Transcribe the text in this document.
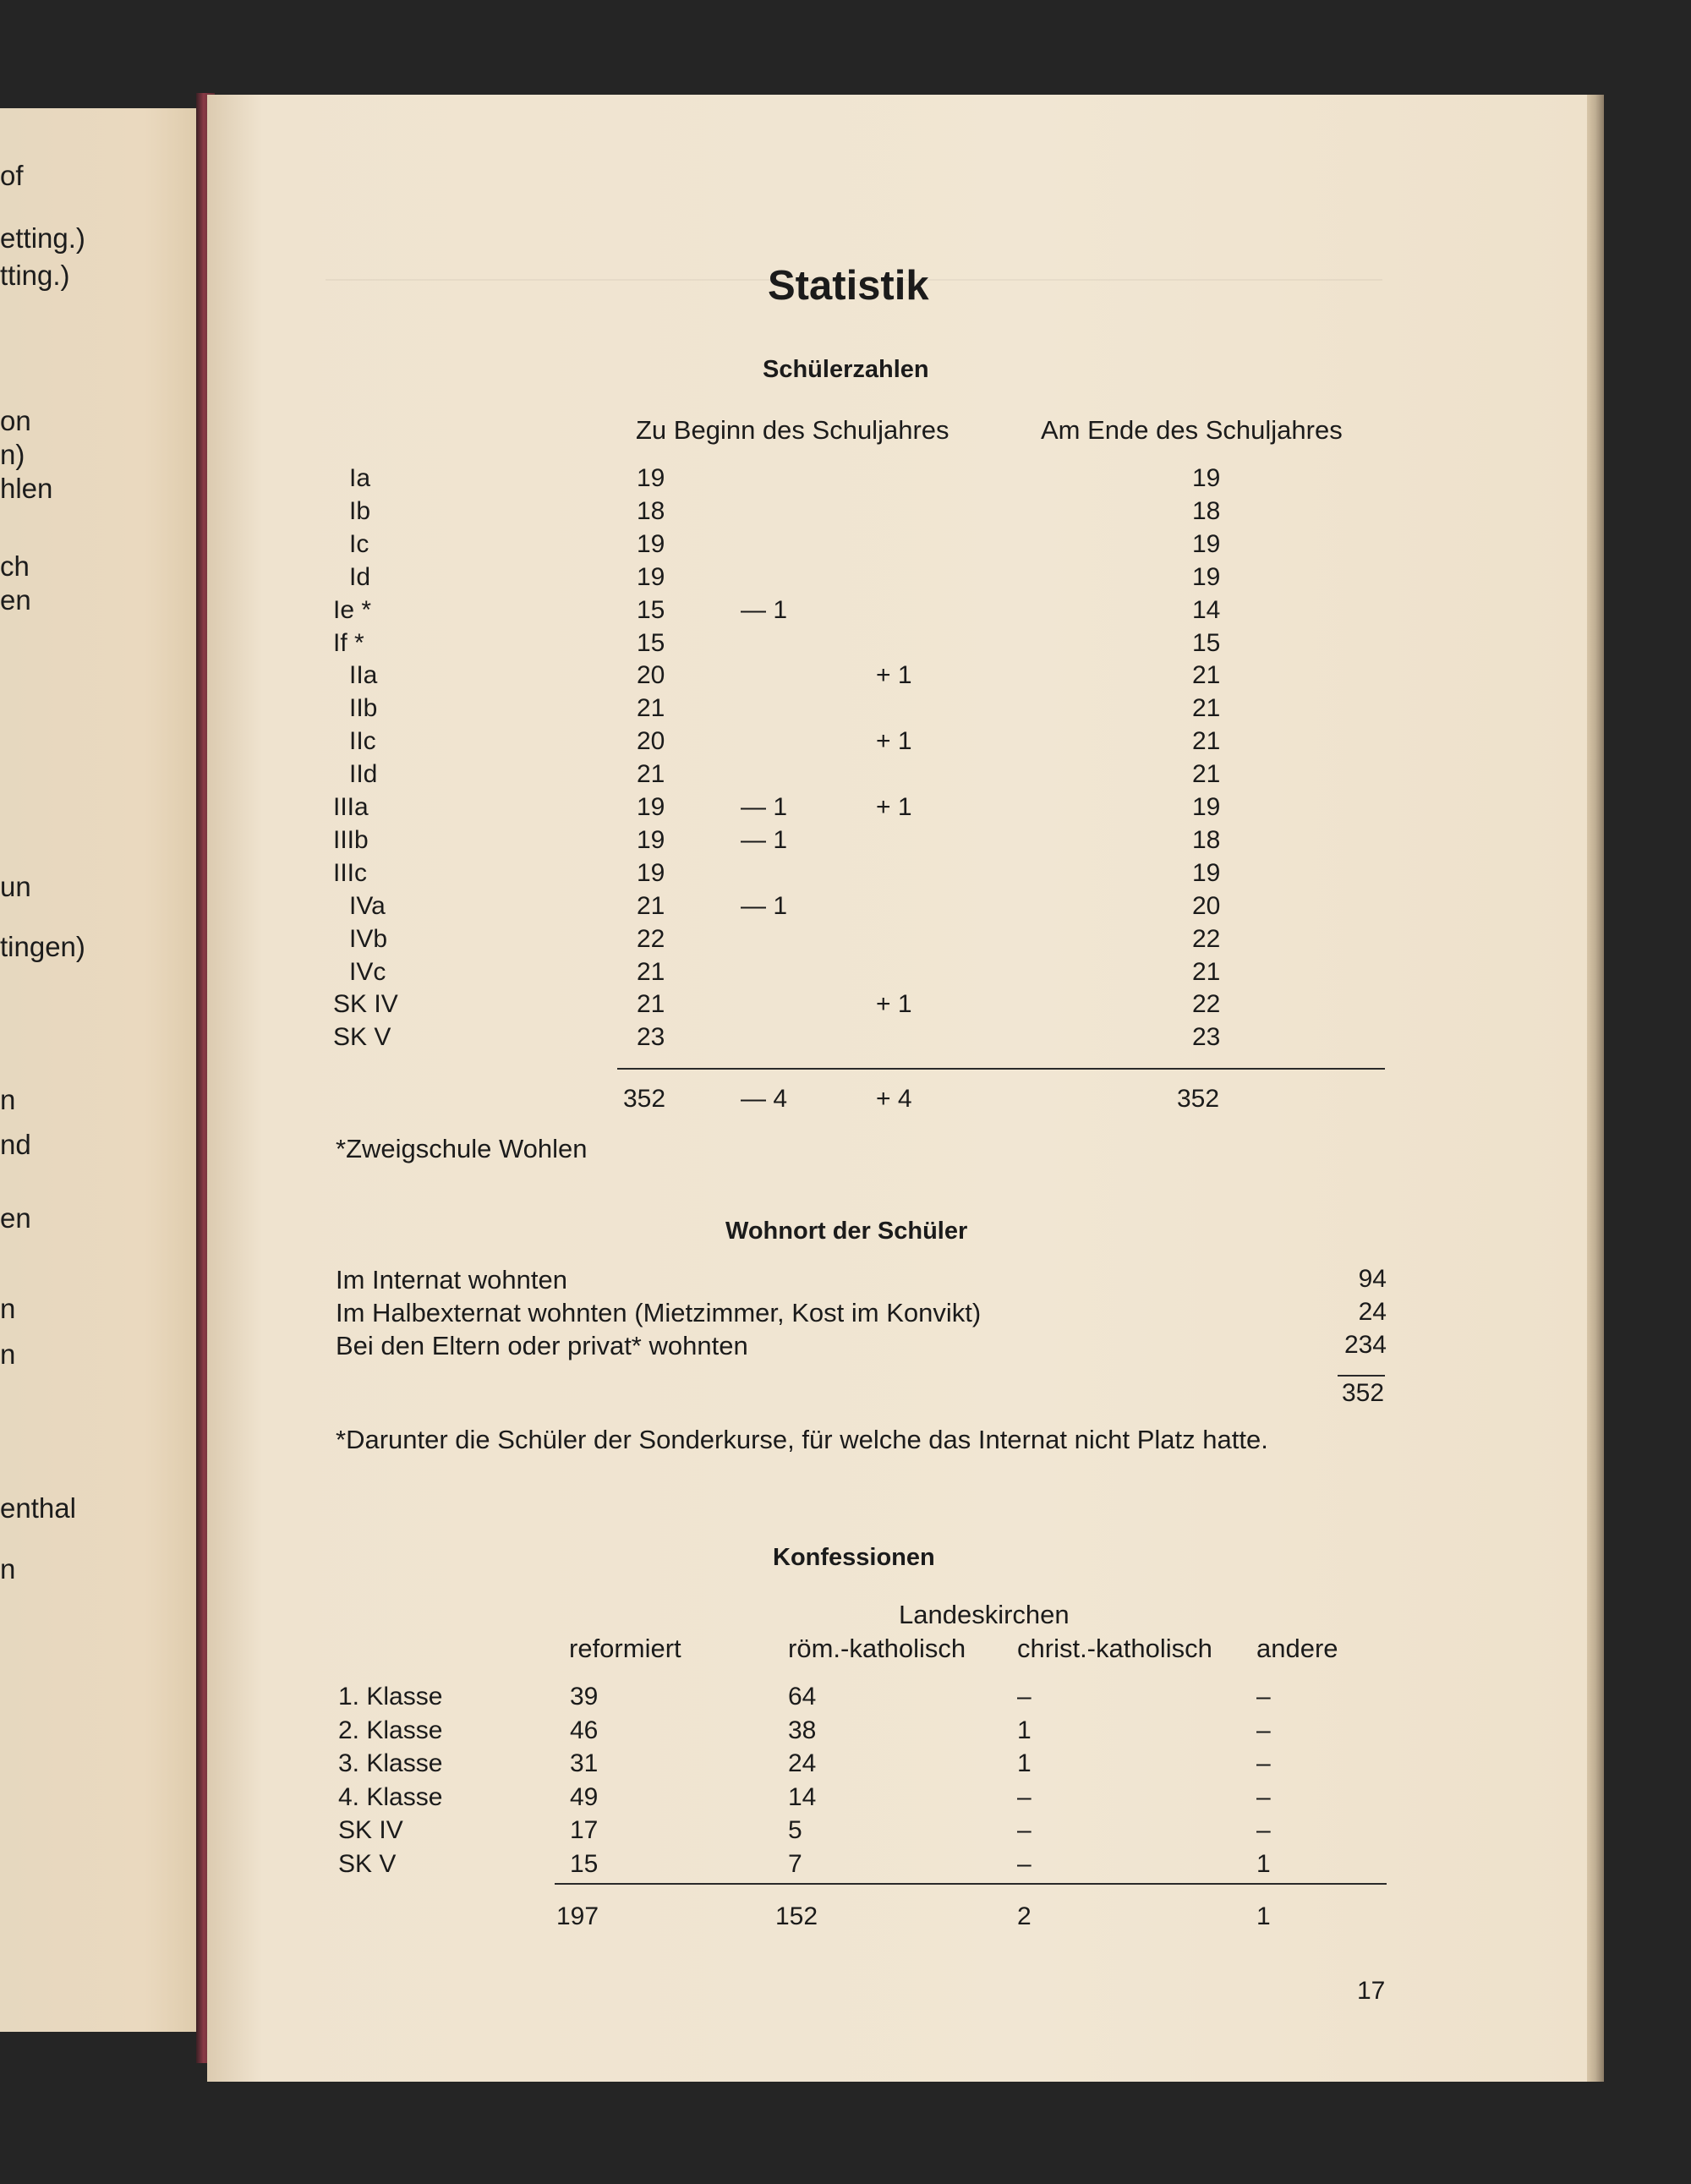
of
etting.)
tting.)
on
n)
hlen
ch
en
un
tingen)
n
nd
en
n
n
enthal
n
Statistik
Schülerzahlen
Zu Beginn des Schuljahres	Am Ende des Schuljahres
Ia	19	19
Ib	18	18
Ic	19	19
Id	19	19
Ie *	15	— 1	14
If *	15	15
IIa	20	+ 1	21
IIb	21	21
IIc	20	+ 1	21
IId	21	21
IIIa	19	— 1	+ 1	19
IIIb	19	— 1	18
IIIc	19	19
IVa	21	— 1	20
IVb	22	22
IVc	21	21
SK IV	21	+ 1	22
SK V	23	23
352	— 4	+ 4	352
*Zweigschule Wohlen
Wohnort der Schüler
Im Internat wohnten	94
Im Halbexternat wohnten (Mietzimmer, Kost im Konvikt)	24
Bei den Eltern oder privat* wohnten	234
352
*Darunter die Schüler der Sonderkurse, für welche das Internat nicht Platz hatte.
Konfessionen
Landeskirchen
reformiert	röm.-katholisch christ.-katholisch andere
1. Klasse	39	64	–	–
2. Klasse	46	38	1	–
3. Klasse	31	24	1	–
4. Klasse	49	14	–	–
SK IV	17	5	–	–
SK V	15	7	–	1
197	152	2	1
17
